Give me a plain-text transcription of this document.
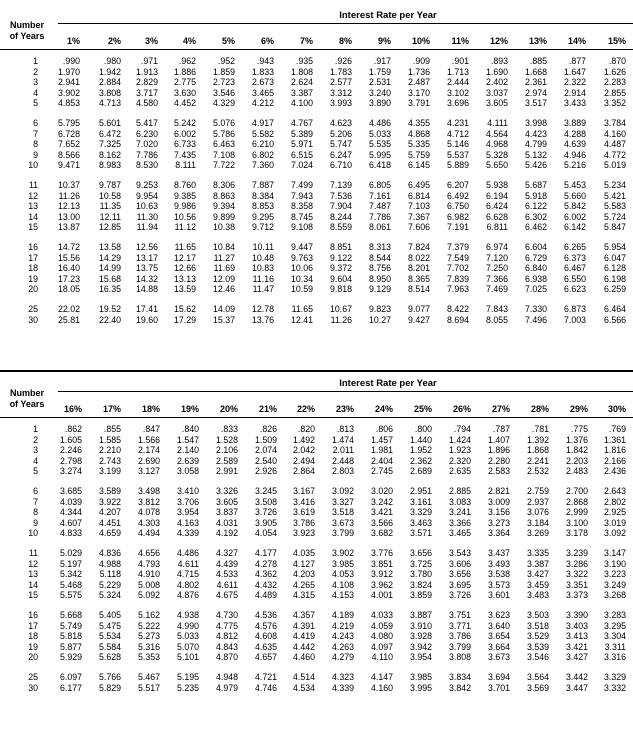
Interest Rate per Year
Number
of Years	1%	2%	3%	4%	5%	6%	7%	8%	9%	10%	11%	12%	13%	14%	15%
1	.990	.980	.971	.962	.952	.943	.935	.926	.917	.909	.901	.893	.885	.877	.870
2	1.970	1.942	1.913	1.886	1.859	1.833	1.808	1.783	1.759	1.736	1.713	1.690	1.668	1.647	1.626
3	2.941	2.884	2.829	2.775	2.723	2.673	2.624	2.577	2.531	2.487	2.444	2.402	2.361	2.322	2.283
4	3.902	3.808	3.717	3.630	3.546	3.465	3.387	3.312	3.240	3.170	3.102	3.037	2.974	2.914	2.855
5	4.853	4.713	4.580	4.452	4.329	4.212	4.100	3.993	3.890	3.791	3.696	3.605	3.517	3.433	3.352
6	5.795	5.601	5.417	5.242	5.076	4.917	4.767	4.623	4.486	4.355	4.231	4.111	3.998	3.889	3.784
7	6.728	6.472	6.230	6.002	5.786	5.582	5.389	5.206	5.033	4.868	4.712	4.564	4.423	4.288	4.160
8	7.652	7.325	7.020	6.733	6.463	6.210	5.971	5.747	5.535	5.335	5.146	4.968	4.799	4.639	4.487
9	8.566	8.162	7.786	7.435	7.108	6.802	6.515	6.247	5.995	5.759	5.537	5.328	5.132	4.946	4.772
10	9.471	8.983	8.530	8.111	7.722	7.360	7.024	6.710	6.418	6.145	5.889	5.650	5.426	5.216	5.019
11	10.37	9.787	9.253	8.760	8.306	7.887	7.499	7.139	6.805	6.495	6.207	5.938	5.687	5.453	5.234
12	11.26	10.58	9.954	9.385	8.863	8.384	7.943	7.536	7.161	6.814	6.492	6.194	5.918	5.660	5.421
13	12.13	11.35	10.63	9.986	9.394	8.853	8.358	7.904	7.487	7.103	6.750	6.424	6.122	5.842	5.583
14	13.00	12.11	11.30	10.56	9.899	9.295	8.745	8.244	7.786	7.367	6.982	6.628	6.302	6.002	5.724
15	13.87	12.85	11.94	11.12	10.38	9.712	9.108	8.559	8.061	7.606	7.191	6.811	6.462	6.142	5.847
16	14.72	13.58	12.56	11.65	10.84	10.11	9.447	8.851	8.313	7.824	7.379	6.974	6.604	6.265	5.954
17	15.56	14.29	13.17	12.17	11.27	10.48	9.763	9.122	8.544	8.022	7.549	7.120	6.729	6.373	6.047
18	16.40	14.99	13.75	12.66	11.69	10.83	10.06	9.372	8.756	8.201	7.702	7.250	6.840	6.467	6.128
19	17.23	15.68	14.32	13.13	12.09	11.16	10.34	9.604	8.950	8.365	7.839	7.366	6.938	6.550	6.198
20	18.05	16.35	14.88	13.59	12.46	11.47	10.59	9.818	9.129	8.514	7.963	7.469	7.025	6.623	6.259
25	22.02	19.52	17.41	15.62	14.09	12.78	11.65	10.67	9.823	9.077	8.422	7.843	7.330	6.873	6.464
30	25.81	22.40	19.60	17.29	15.37	13.76	12.41	11.26	10.27	9.427	8.694	8.055	7.496	7.003	6.566
Interest Rate per Year
Number
of Years	16%	17%	18%	19%	20%	21%	22%	23%	24%	25%	26%	27%	28%	29%	30%
1	.862	.855	.847	.840	.833	.826	.820	.813	.806	.800	.794	.787	.781	.775	.769
2	1.605	1.585	1.566	1.547	1.528	1.509	1.492	1.474	1.457	1.440	1.424	1.407	1.392	1.376	1.361
3	2.246	2.210	2.174	2.140	2.106	2.074	2.042	2.011	1.981	1.952	1.923	1.896	1.868	1.842	1.816
4	2.798	2.743	2.690	2.639	2.589	2.540	2.494	2.448	2.404	2.362	2.320	2.280	2.241	2.203	2.166
5	3.274	3.199	3.127	3.058	2.991	2.926	2.864	2.803	2.745	2.689	2.635	2.583	2.532	2.483	2.436
6	3.685	3.589	3.498	3.410	3.326	3.245	3.167	3.092	3.020	2.951	2.885	2.821	2.759	2.700	2.643
7	4.039	3.922	3.812	3.706	3.605	3.508	3.416	3.327	3.242	3.161	3.083	3.009	2.937	2.868	2.802
8	4.344	4.207	4.078	3.954	3.837	3.726	3.619	3.518	3.421	3.329	3.241	3.156	3.076	2.999	2.925
9	4.607	4.451	4.303	4.163	4.031	3.905	3.786	3.673	3.566	3.463	3.366	3.273	3.184	3.100	3.019
10	4.833	4.659	4.494	4.339	4.192	4.054	3.923	3.799	3.682	3.571	3.465	3.364	3.269	3.178	3.092
11	5.029	4.836	4.656	4.486	4.327	4.177	4.035	3.902	3.776	3.656	3.543	3.437	3.335	3.239	3.147
12	5.197	4.988	4.793	4.611	4.439	4.278	4.127	3.985	3.851	3.725	3.606	3.493	3.387	3.286	3.190
13	5.342	5.118	4.910	4.715	4.533	4.362	4.203	4.053	3.912	3.780	3.656	3.538	3.427	3.322	3.223
14	5.468	5.229	5.008	4.802	4.611	4.432	4.265	4.108	3.962	3.824	3.695	3.573	3.459	3.351	3.249
15	5.575	5.324	5.092	4.876	4.675	4.489	4.315	4.153	4.001	3.859	3.726	3.601	3.483	3.373	3.268
16	5.668	5.405	5.162	4.938	4.730	4.536	4.357	4.189	4.033	3.887	3.751	3.623	3.503	3.390	3.283
17	5.749	5.475	5.222	4.990	4.775	4.576	4.391	4.219	4.059	3.910	3.771	3.640	3.518	3.403	3.295
18	5.818	5.534	5.273	5.033	4.812	4.608	4.419	4.243	4.080	3.928	3.786	3.654	3.529	3.413	3.304
19	5.877	5.584	5.316	5.070	4.843	4.635	4.442	4.263	4.097	3.942	3.799	3.664	3.539	3.421	3.311
20	5.929	5.628	5.353	5.101	4.870	4.657	4.460	4.279	4.110	3.954	3.808	3.673	3.546	3.427	3.316
25	6.097	5.766	5.467	5.195	4.948	4.721	4.514	4.323	4.147	3.985	3.834	3.694	3.564	3.442	3.329
30	6.177	5.829	5.517	5.235	4.979	4.746	4.534	4.339	4.160	3.995	3.842	3.701	3.569	3.447	3.332
